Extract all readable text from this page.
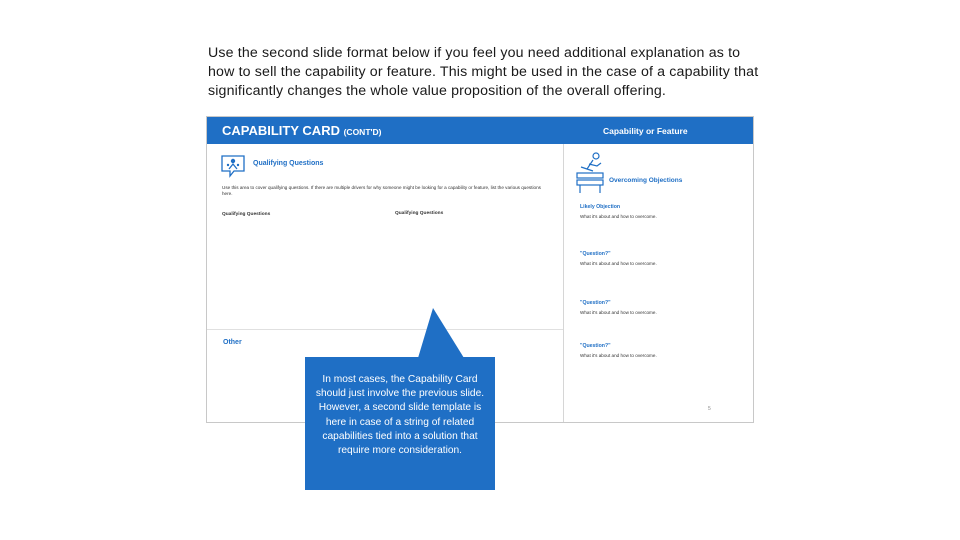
Use the second slide format below if you feel you need additional explanation as to how to sell the capability or feature. This might be used in the case of a capability that significantly changes the whole value proposition of the overall offering.
CAPABILITY CARD (CONT'D)	Capability or Feature
Qualifying Questions
Use this area to cover qualifying questions. If there are multiple drivers for why someone might be looking for a capability or feature, list the various questions here.
Qualifying Questions	Qualifying Questions
Other
Overcoming Objections
Likely Objection
What it's about and how to overcome.
"Question?"
What it's about and how to overcome.
"Question?"
What it's about and how to overcome.
"Question?"
What it's about and how to overcome.
5
In most cases, the Capability Card should just involve the previous slide. However, a second slide template is here in case of a string of related capabilities tied into a solution that require more consideration.
